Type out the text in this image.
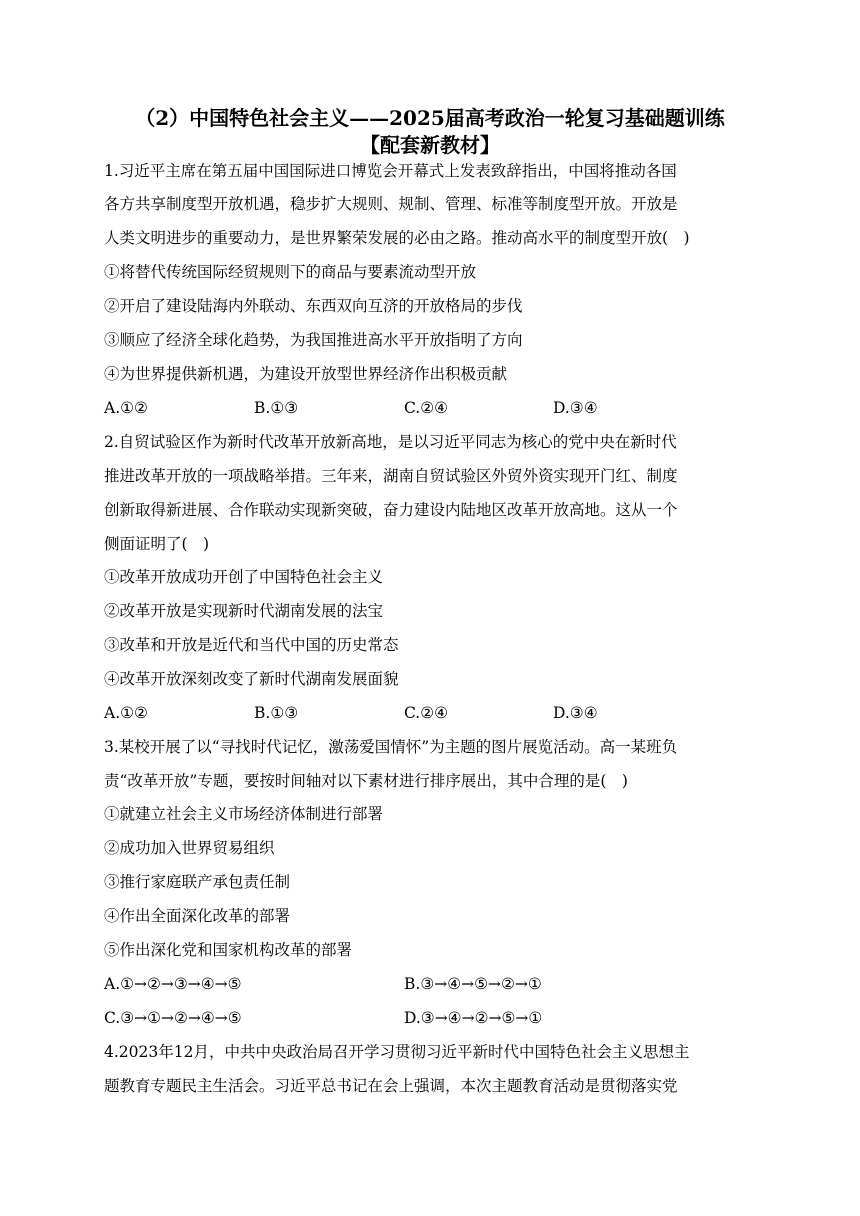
（2）中国特色社会主义——2025届高考政治一轮复习基础题训练
【配套新教材】
1.习近平主席在第五届中国国际进口博览会开幕式上发表致辞指出，中国将推动各国
各方共享制度型开放机遇，稳步扩大规则、规制、管理、标准等制度型开放。开放是
人类文明进步的重要动力，是世界繁荣发展的必由之路。推动高水平的制度型开放(　)
①将替代传统国际经贸规则下的商品与要素流动型开放
②开启了建设陆海内外联动、东西双向互济的开放格局的步伐
③顺应了经济全球化趋势，为我国推进高水平开放指明了方向
④为世界提供新机遇，为建设开放型世界经济作出积极贡献
A.①②	B.①③	C.②④	D.③④
2.自贸试验区作为新时代改革开放新高地，是以习近平同志为核心的党中央在新时代
推进改革开放的一项战略举措。三年来，湖南自贸试验区外贸外资实现开门红、制度
创新取得新进展、合作联动实现新突破，奋力建设内陆地区改革开放高地。这从一个
侧面证明了(　)
①改革开放成功开创了中国特色社会主义
②改革开放是实现新时代湖南发展的法宝
③改革和开放是近代和当代中国的历史常态
④改革开放深刻改变了新时代湖南发展面貌
A.①②	B.①③	C.②④	D.③④
3.某校开展了以“寻找时代记忆，激荡爱国情怀”为主题的图片展览活动。高一某班负
责“改革开放”专题，要按时间轴对以下素材进行排序展出，其中合理的是(　)
①就建立社会主义市场经济体制进行部署
②成功加入世界贸易组织
③推行家庭联产承包责任制
④作出全面深化改革的部署
⑤作出深化党和国家机构改革的部署
A.①→②→③→④→⑤	B.③→④→⑤→②→①
C.③→①→②→④→⑤	D.③→④→②→⑤→①
4.2023年12月，中共中央政治局召开学习贯彻习近平新时代中国特色社会主义思想主
题教育专题民主生活会。习近平总书记在会上强调，本次主题教育活动是贯彻落实党
